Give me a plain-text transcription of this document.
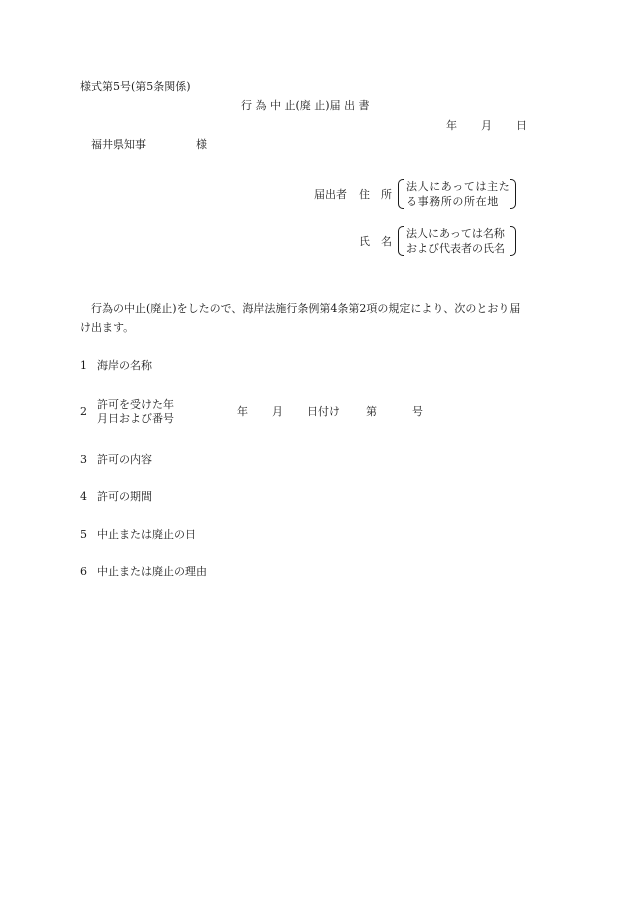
様式第5号(第5条関係)
行 為 中 止(廃 止)届 出 書
年 月 日
福井県知事	様
届出者 住　所
法人にあっては主た
る事務所の所在地
氏　名
法人にあっては名称
および代表者の氏名
行為の中止(廃止)をしたので、海岸法施行条例第4条第2項の規定により、次のとおり届
け出ます。
1 海岸の名称
2
許可を受けた年
月日および番号
年 月 日付け 第	号
3 許可の内容
4 許可の期間
5 中止または廃止の日
6 中止または廃止の理由
